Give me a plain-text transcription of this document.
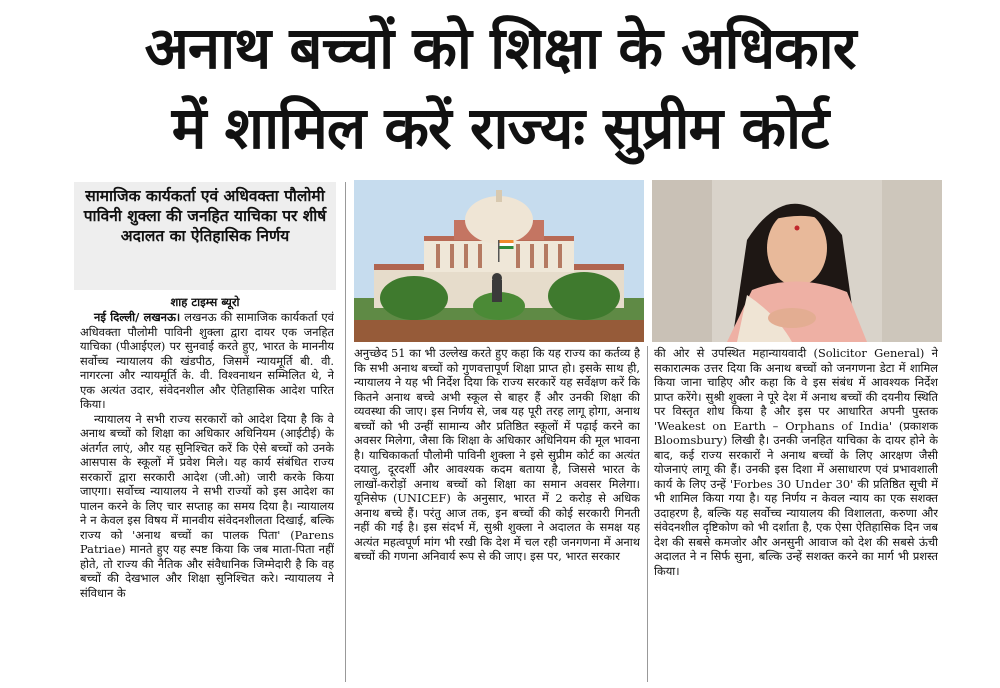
अनाथ बच्चों को शिक्षा के अधिकार
में शामिल करें राज्यः सुप्रीम कोर्ट
सामाजिक कार्यकर्ता एवं अधिवक्ता पौलोमी पाविनी शुक्ला की जनहित याचिका पर शीर्ष अदालत का ऐतिहासिक निर्णय
शाह टाइम्स ब्यूरो

नई दिल्ली/ लखनऊ। लखनऊ की सामाजिक कार्यकर्ता एवं अधिवक्ता पौलोमी पाविनी शुक्ला द्वारा दायर एक जनहित याचिका (पीआईएल) पर सुनवाई करते हुए, भारत के माननीय सर्वोच्च न्यायालय की खंडपीठ, जिसमें न्यायमूर्ति बी. वी. नागरत्ना और न्यायमूर्ति के. वी. विश्वनाथन सम्मिलित थे, ने एक अत्यंत उदार, संवेदनशील और ऐतिहासिक आदेश पारित किया।

न्यायालय ने सभी राज्य सरकारों को आदेश दिया है कि वे अनाथ बच्चों को शिक्षा का अधिकार अधिनियम (आईटीई) के अंतर्गत लाएं, और यह सुनिश्चित करें कि ऐसे बच्चों को उनके आसपास के स्कूलों में प्रवेश मिले। यह कार्य संबंधित राज्य सरकारों द्वारा सरकारी आदेश (जी.ओ) जारी करके किया जाएगा। सर्वोच्च न्यायालय ने सभी राज्यों को इस आदेश का पालन करने के लिए चार सप्ताह का समय दिया है। न्यायालय ने न केवल इस विषय में मानवीय संवेदनशीलता दिखाई, बल्कि राज्य को 'अनाथ बच्चों का पालक पिता' (Parens Patriae) मानते हुए यह स्पष्ट किया कि जब माता-पिता नहीं होते, तो राज्य की नैतिक और संवैधानिक जिम्मेदारी है कि वह बच्चों की देखभाल और शिक्षा सुनिश्चित करे। न्यायालय ने संविधान के

अनुच्छेद 51 का भी उल्लेख करते हुए कहा कि यह राज्य का कर्तव्य है कि सभी अनाथ बच्चों को गुणवत्तापूर्ण शिक्षा प्राप्त हो। इसके साथ ही, न्यायालय ने यह भी निर्देश दिया कि राज्य सरकारें यह सर्वेक्षण करें कि कितने अनाथ बच्चे अभी स्कूल से बाहर हैं और उनकी शिक्षा की व्यवस्था की जाए। इस निर्णय से, जब यह पूरी तरह लागू होगा, अनाथ बच्चों को भी उन्हीं सामान्य और प्रतिष्ठित स्कूलों में पढ़ाई करने का अवसर मिलेगा, जैसा कि शिक्षा के अधिकार अधिनियम की मूल भावना है। याचिकाकर्ता पौलोमी पाविनी शुक्ला ने इसे सुप्रीम कोर्ट का अत्यंत दयालु, दूरदर्शी और आवश्यक कदम बताया है, जिससे भारत के लाखों-करोड़ों अनाथ बच्चों को शिक्षा का समान अवसर मिलेगा। यूनिसेफ (UNICEF) के अनुसार, भारत में 2 करोड़ से अधिक अनाथ बच्चे हैं। परंतु आज तक, इन बच्चों की कोई सरकारी गिनती नहीं की गई है। इस संदर्भ में, सुश्री शुक्ला ने अदालत के समक्ष यह अत्यंत महत्वपूर्ण मांग भी रखी कि देश में चल रही जनगणना में अनाथ बच्चों की गणना अनिवार्य रूप से की जाए। इस पर, भारत सरकार

की ओर से उपस्थित महान्यायवादी (Solicitor General) ने सकारात्मक उत्तर दिया कि अनाथ बच्चों को जनगणना डेटा में शामिल किया जाना चाहिए और कहा कि वे इस संबंध में आवश्यक निर्देश प्राप्त करेंगे। सुश्री शुक्ला ने पूरे देश में अनाथ बच्चों की दयनीय स्थिति पर विस्तृत शोध किया है और इस पर आधारित अपनी पुस्तक 'Weakest on Earth – Orphans of India' (प्रकाशक Bloomsbury) लिखी है। उनकी जनहित याचिका के दायर होने के बाद, कई राज्य सरकारों ने अनाथ बच्चों के लिए आरक्षण जैसी योजनाएं लागू की हैं। उनकी इस दिशा में असाधारण एवं प्रभावशाली कार्य के लिए उन्हें 'Forbes 30 Under 30' की प्रतिष्ठित सूची में भी शामिल किया गया है। यह निर्णय न केवल न्याय का एक सशक्त उदाहरण है, बल्कि यह सर्वोच्च न्यायालय की विशालता, करुणा और संवेदनशील दृष्टिकोण को भी दर्शाता है, एक ऐसा ऐतिहासिक दिन जब देश की सबसे कमजोर और अनसुनी आवाज को देश की सबसे ऊंची अदालत ने न सिर्फ सुना, बल्कि उन्हें सशक्त करने का मार्ग भी प्रशस्त किया।
